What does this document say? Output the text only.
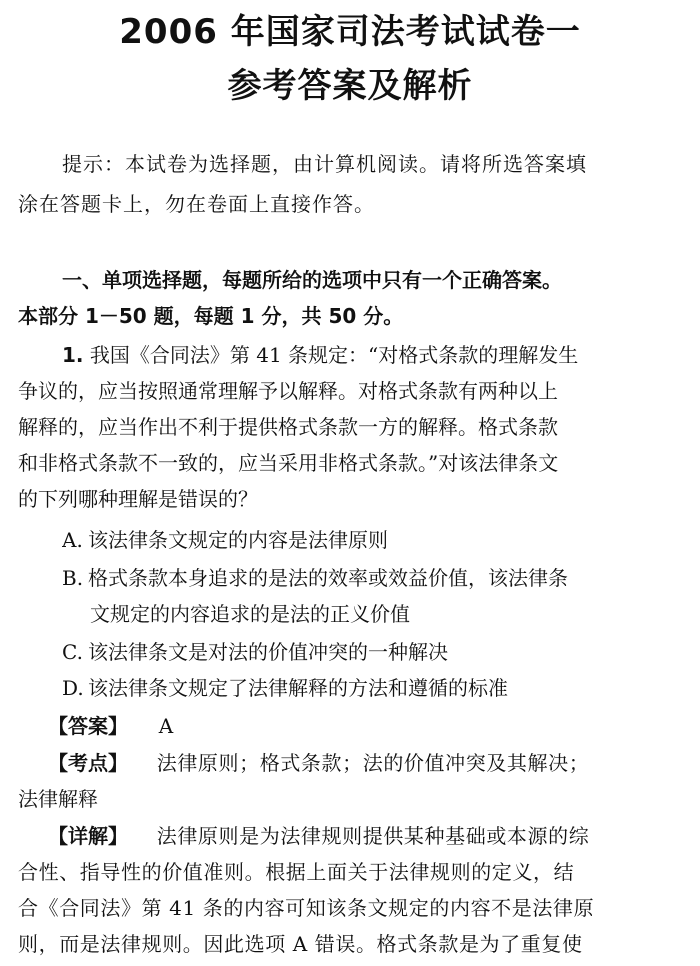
2006 年国家司法考试试卷一
参考答案及解析
提示：本试卷为选择题，由计算机阅读。请将所选答案填
涂在答题卡上，勿在卷面上直接作答。
一、单项选择题，每题所给的选项中只有一个正确答案。
本部分 1－50 题，每题 1 分，共 50 分。
1. 我国《合同法》第 41 条规定：“对格式条款的理解发生
争议的，应当按照通常理解予以解释。对格式条款有两种以上
解释的，应当作出不利于提供格式条款一方的解释。格式条款
和非格式条款不一致的，应当采用非格式条款。”对该法律条文
的下列哪种理解是错误的？
A. 该法律条文规定的内容是法律原则
B. 格式条款本身追求的是法的效率或效益价值，该法律条
文规定的内容追求的是法的正义价值
C. 该法律条文是对法的价值冲突的一种解决
D. 该法律条文规定了法律解释的方法和遵循的标准
【答案】 A
【考点】 法律原则；格式条款；法的价值冲突及其解决；
法律解释
【详解】 法律原则是为法律规则提供某种基础或本源的综
合性、指导性的价值准则。根据上面关于法律规则的定义，结
合《合同法》第 41 条的内容可知该条文规定的内容不是法律原
则，而是法律规则。因此选项 A 错误。格式条款是为了重复使
